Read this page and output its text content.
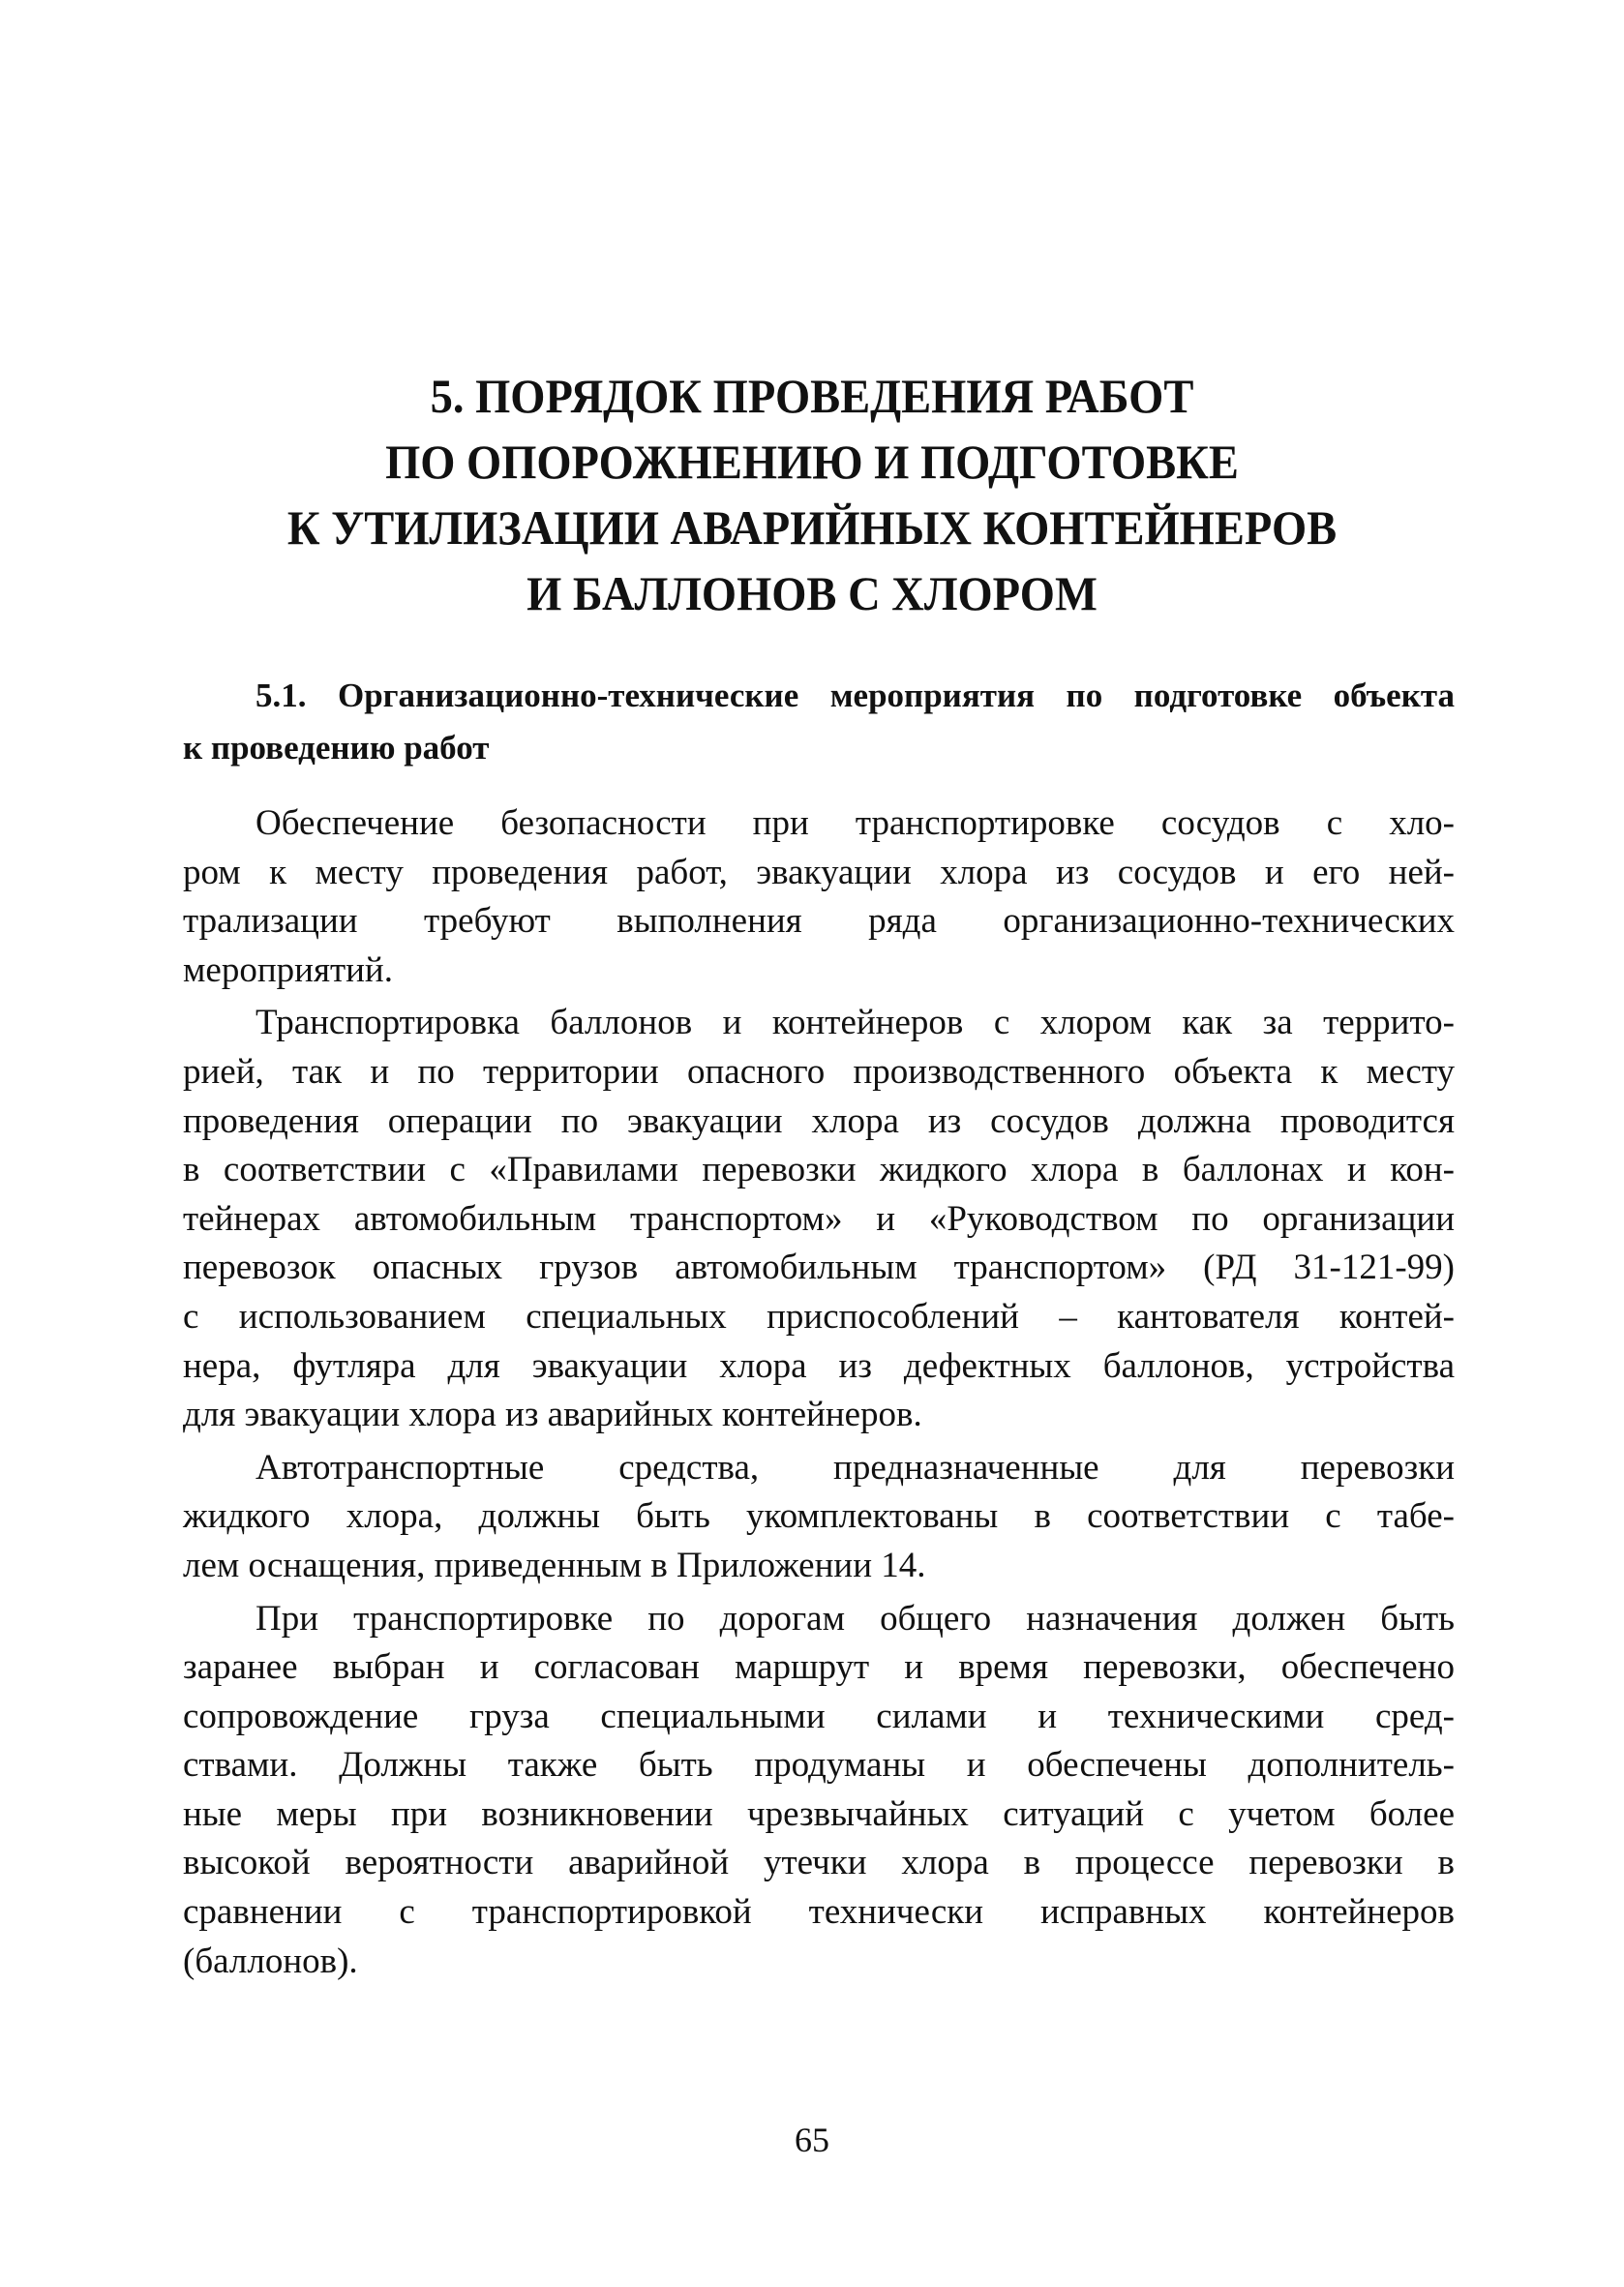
5. ПОРЯДОК ПРОВЕДЕНИЯ РАБОТ
ПО ОПОРОЖНЕНИЮ И ПОДГОТОВКЕ
К УТИЛИЗАЦИИ АВАРИЙНЫХ КОНТЕЙНЕРОВ
И БАЛЛОНОВ С ХЛОРОМ
5.1. Организационно-технические мероприятия по подготовке объекта
к проведению работ
Обеспечение безопасности при транспортировке сосудов с хло-
ром к месту проведения работ, эвакуации хлора из сосудов и его ней-
трализации требуют выполнения ряда организационно-технических
мероприятий.
Транспортировка баллонов и контейнеров с хлором как за террито-
рией, так и по территории опасного производственного объекта к месту
проведения операции по эвакуации хлора из сосудов должна проводится
в соответствии с «Правилами перевозки жидкого хлора в баллонах и кон-
тейнерах автомобильным транспортом» и «Руководством по организации
перевозок опасных грузов автомобильным транспортом» (РД 31-121-99)
с использованием специальных приспособлений – кантователя контей-
нера, футляра для эвакуации хлора из дефектных баллонов, устройства
для эвакуации хлора из аварийных контейнеров.
Автотранспортные средства, предназначенные для перевозки
жидкого хлора, должны быть укомплектованы в соответствии с табе-
лем оснащения, приведенным в Приложении 14.
При транспортировке по дорогам общего назначения должен быть
заранее выбран и согласован маршрут и время перевозки, обеспечено
сопровождение груза специальными силами и техническими сред-
ствами. Должны также быть продуманы и обеспечены дополнитель-
ные меры при возникновении чрезвычайных ситуаций с учетом более
высокой вероятности аварийной утечки хлора в процессе перевозки в
сравнении с транспортировкой технически исправных контейнеров
(баллонов).
65
